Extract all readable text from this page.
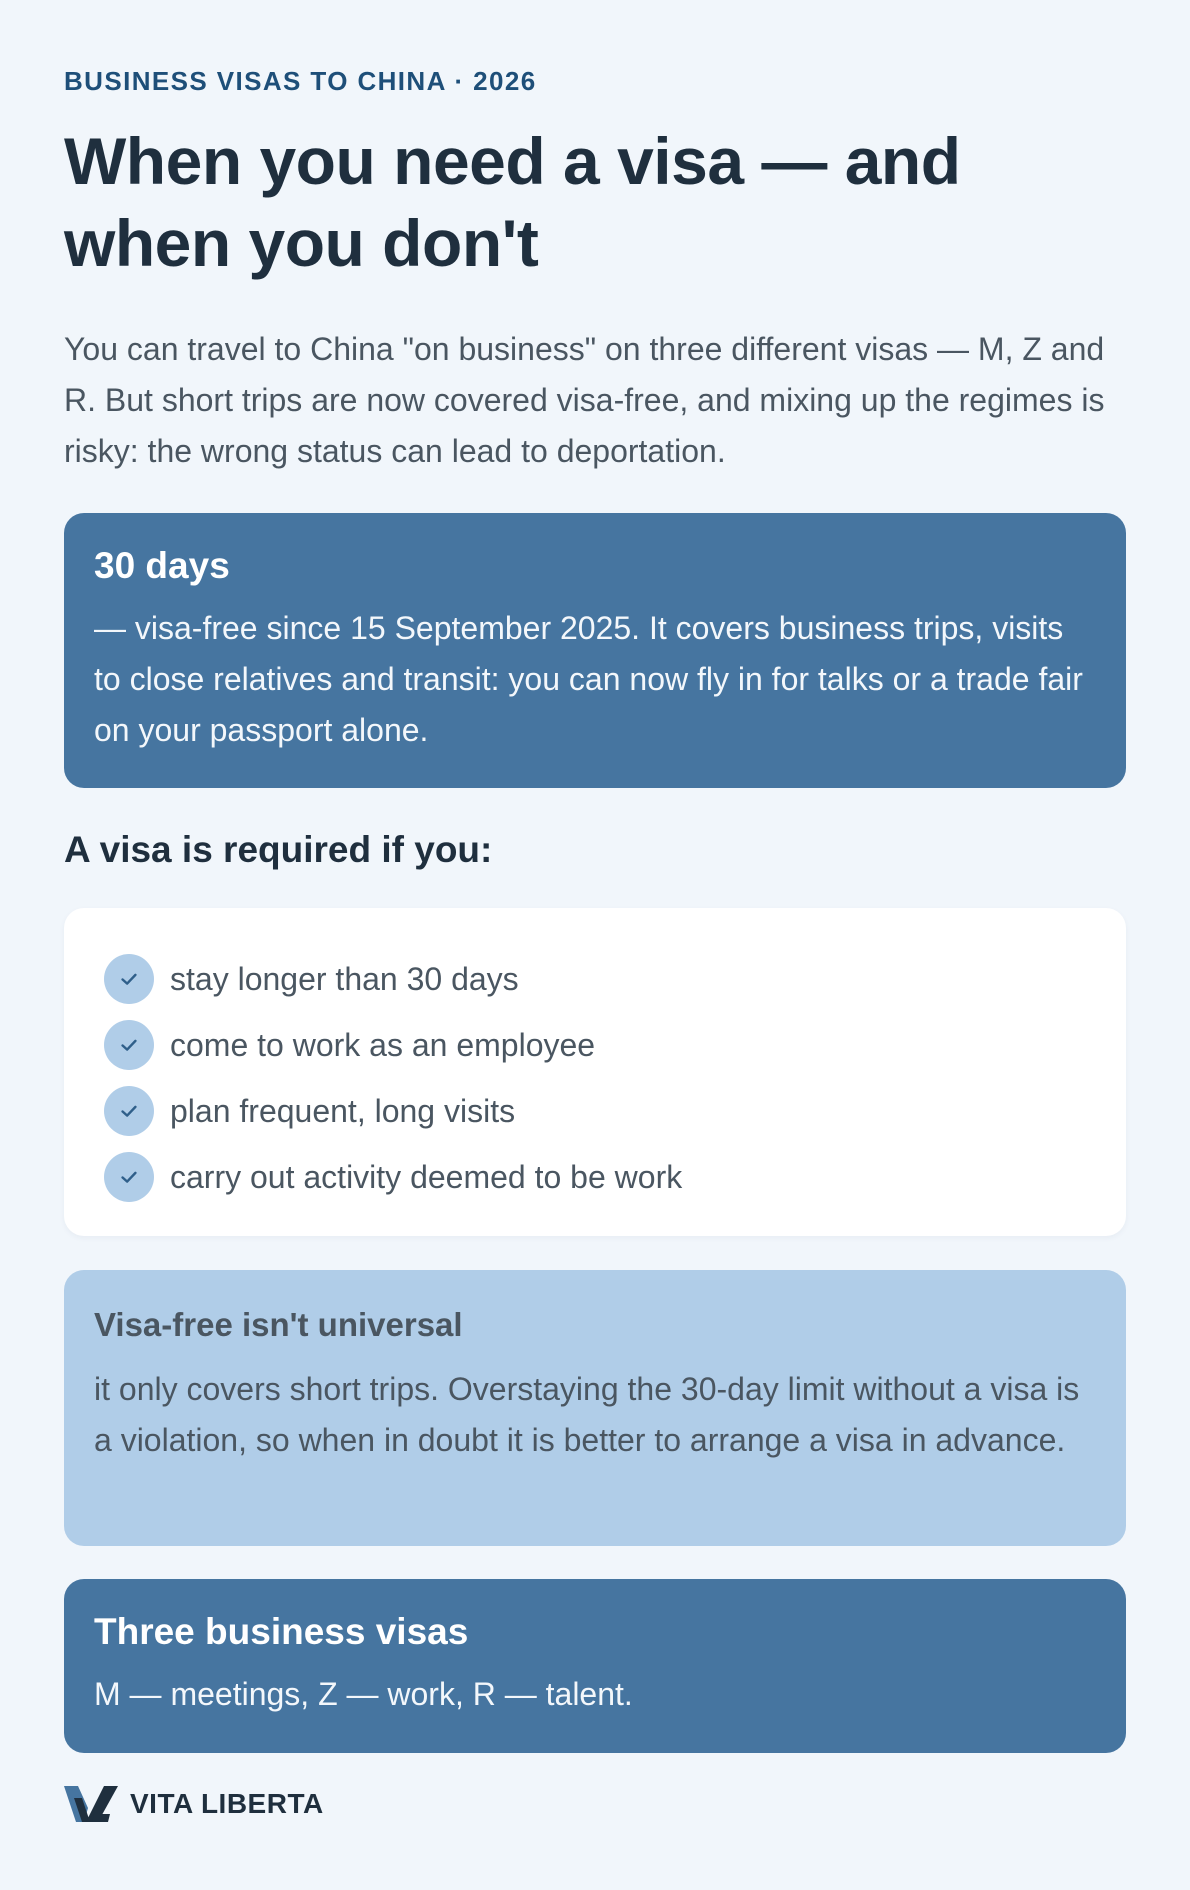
BUSINESS VISAS TO CHINA · 2026

When you need a visa — and when you don't

You can travel to China "on business" on three different visas — M, Z and R. But short trips are now covered visa-free, and mixing up the regimes is risky: the wrong status can lead to deportation.

30 days

— visa-free since 15 September 2025. It covers business trips, visits to close relatives and transit: you can now fly in for talks or a trade fair on your passport alone.

A visa is required if you:
stay longer than 30 days
come to work as an employee
plan frequent, long visits
carry out activity deemed to be work

Visa-free isn't universal

it only covers short trips. Overstaying the 30-day limit without a visa is a violation, so when in doubt it is better to arrange a visa in advance.

Three business visas

M — meetings, Z — work, R — talent.

VITA LIBERTA
